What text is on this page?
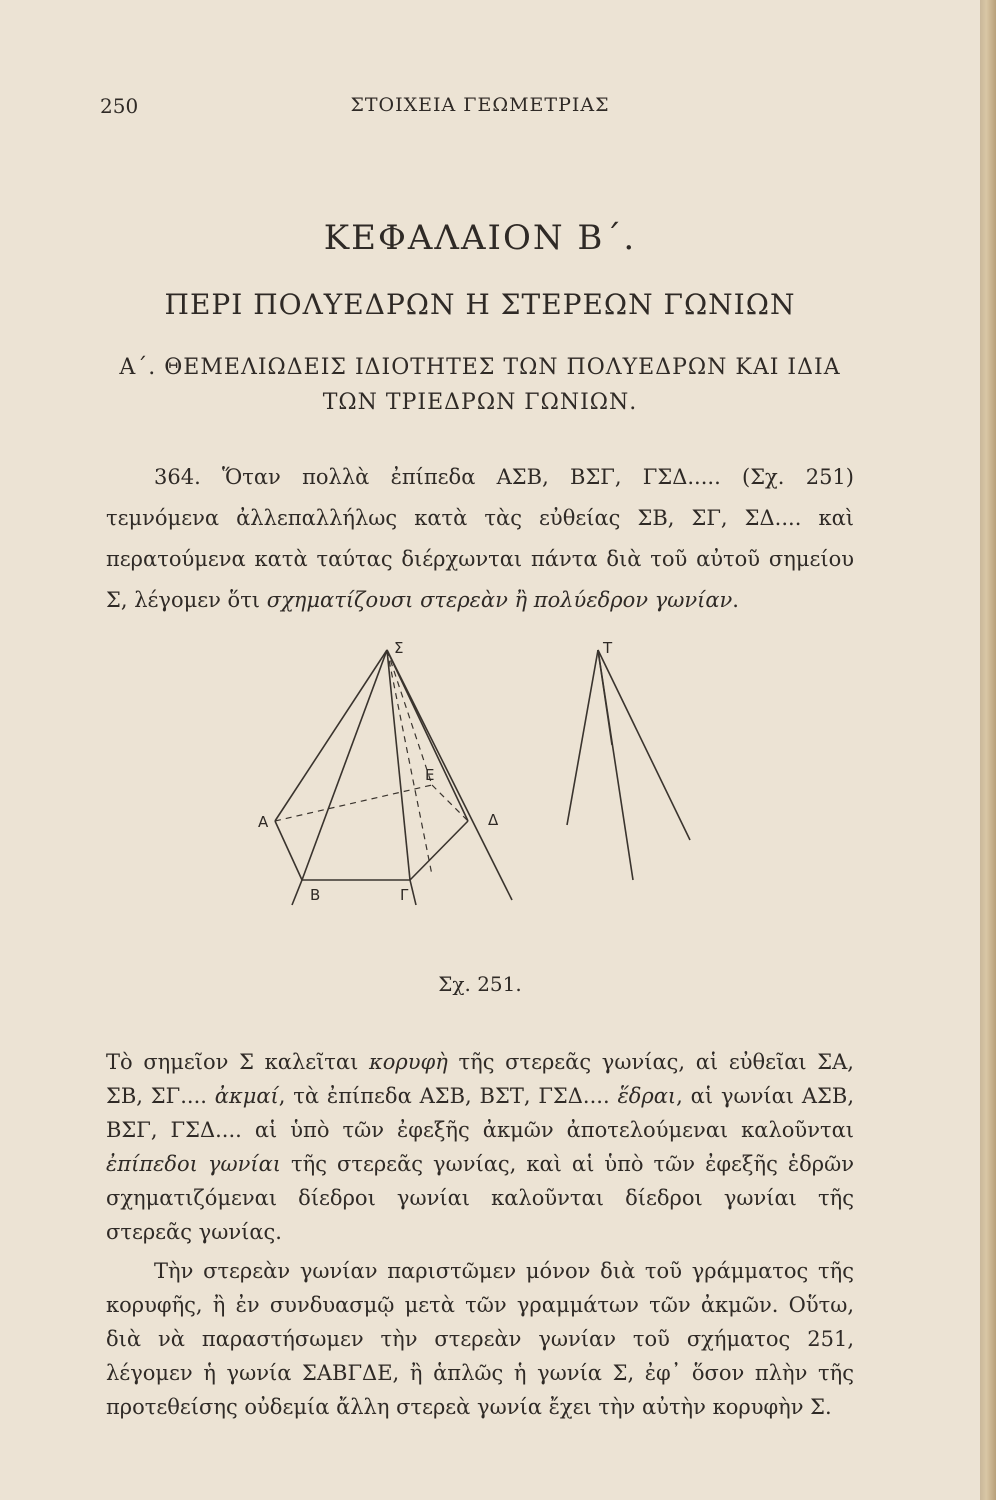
250	ΣΤΟΙΧΕΙΑ ΓΕΩΜΕΤΡΙΑΣ
ΚΕΦΑΛΑΙΟΝ Β΄.
ΠΕΡΙ ΠΟΛΥΕΔΡΩΝ Η ΣΤΕΡΕΩΝ ΓΩΝΙΩΝ
Α΄. ΘΕΜΕΛΙΩΔΕΙΣ ΙΔΙΟΤΗΤΕΣ ΤΩΝ ΠΟΛΥΕΔΡΩΝ ΚΑΙ ΙΔΙΑ ΤΩΝ ΤΡΙΕΔΡΩΝ ΓΩΝΙΩΝ.

364. Ὅταν πολλὰ ἐπίπεδα ΑΣΒ, ΒΣΓ, ΓΣΔ..... (Σχ. 251) τεμνόμενα ἀλλεπαλλήλως κατὰ τὰς εὐθείας ΣΒ, ΣΓ, ΣΔ.... καὶ περατούμενα κατὰ ταύτας διέρχωνται πάντα διὰ τοῦ αὐτοῦ σημείου Σ, λέγομεν ὅτι σχηματίζουσι στερεὰν ἢ πολύεδρον γωνίαν.

Σ	Τ
Ε
Α	Δ
Β	Γ
Σχ. 251.

Τὸ σημεῖον Σ καλεῖται κορυφὴ τῆς στερεᾶς γωνίας, αἱ εὐθεῖαι ΣΑ, ΣΒ, ΣΓ.... ἀκμαί, τὰ ἐπίπεδα ΑΣΒ, ΒΣΤ, ΓΣΔ.... ἕδραι, αἱ γωνίαι ΑΣΒ, ΒΣΓ, ΓΣΔ.... αἱ ὑπὸ τῶν ἐφεξῆς ἀκμῶν ἀποτελούμεναι καλοῦνται ἐπίπεδοι γωνίαι τῆς στερεᾶς γωνίας, καὶ αἱ ὑπὸ τῶν ἐφεξῆς ἑδρῶν σχηματιζόμεναι δίεδροι γωνίαι καλοῦνται δίεδροι γωνίαι τῆς στερεᾶς γωνίας.

Τὴν στερεὰν γωνίαν παριστῶμεν μόνον διὰ τοῦ γράμματος τῆς κορυφῆς, ἢ ἐν συνδυασμῷ μετὰ τῶν γραμμάτων τῶν ἀκμῶν. Οὕτω, διὰ νὰ παραστήσωμεν τὴν στερεὰν γωνίαν τοῦ σχήματος 251, λέγομεν ἡ γωνία ΣΑΒΓΔΕ, ἢ ἁπλῶς ἡ γωνία Σ, ἐφ᾽ ὅσον πλὴν τῆς προτεθείσης οὐδεμία ἄλλη στερεὰ γωνία ἔχει τὴν αὐτὴν κορυφὴν Σ.
